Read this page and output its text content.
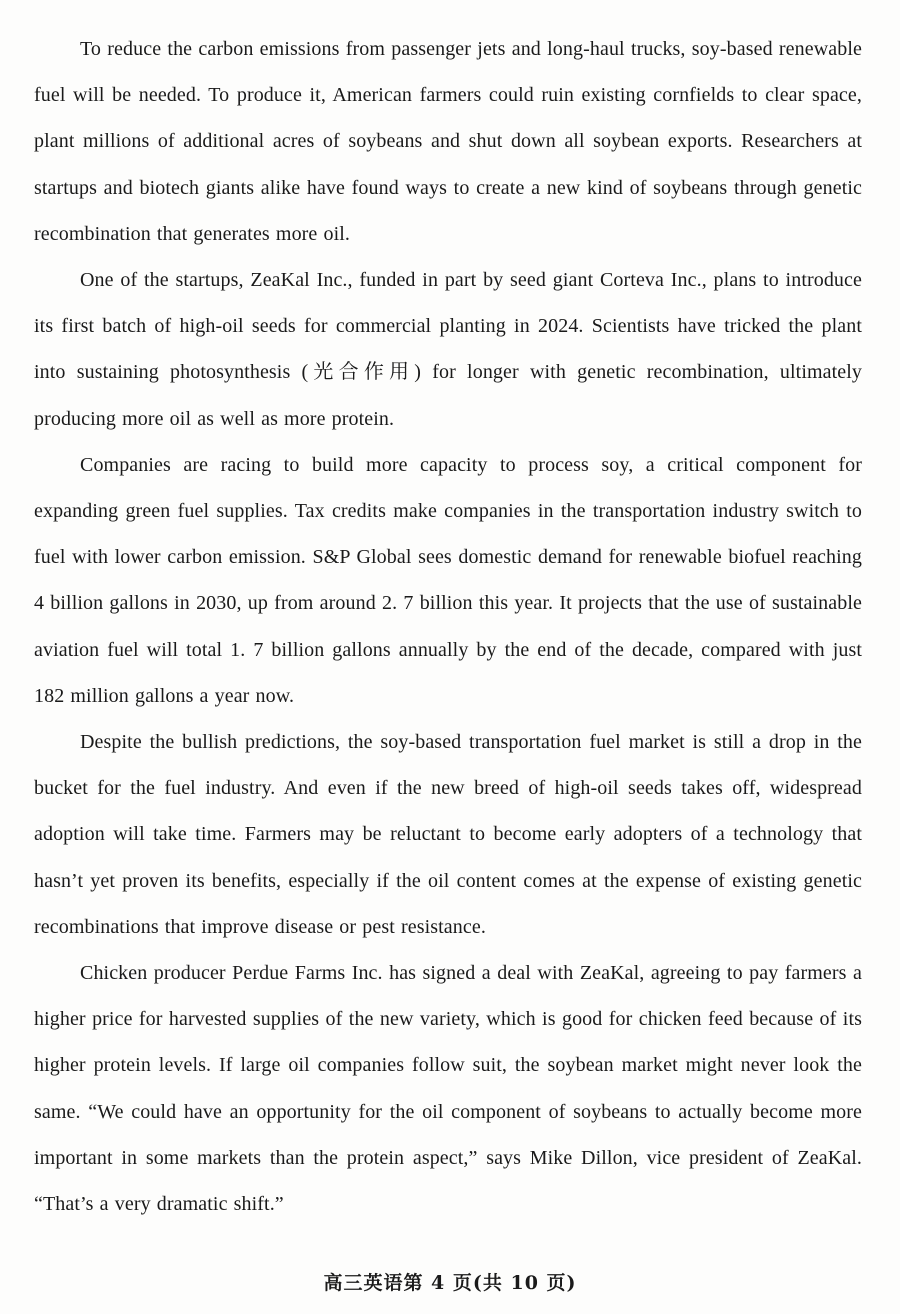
To reduce the carbon emissions from passenger jets and long-haul trucks, soy-based renewable fuel will be needed. To produce it, American farmers could ruin existing cornfields to clear space, plant millions of additional acres of soybeans and shut down all soybean exports. Researchers at startups and biotech giants alike have found ways to create a new kind of soybeans through genetic recombination that generates more oil.

One of the startups, ZeaKal Inc., funded in part by seed giant Corteva Inc., plans to introduce its first batch of high-oil seeds for commercial planting in 2024. Scientists have tricked the plant into sustaining photosynthesis (光合作用) for longer with genetic recombination, ultimately producing more oil as well as more protein.

Companies are racing to build more capacity to process soy, a critical component for expanding green fuel supplies. Tax credits make companies in the transportation industry switch to fuel with lower carbon emission. S&P Global sees domestic demand for renewable biofuel reaching 4 billion gallons in 2030, up from around 2. 7 billion this year. It projects that the use of sustainable aviation fuel will total 1. 7 billion gallons annually by the end of the decade, compared with just 182 million gallons a year now.

Despite the bullish predictions, the soy-based transportation fuel market is still a drop in the bucket for the fuel industry. And even if the new breed of high-oil seeds takes off, widespread adoption will take time. Farmers may be reluctant to become early adopters of a technology that hasn’t yet proven its benefits, especially if the oil content comes at the expense of existing genetic recombinations that improve disease or pest resistance.

Chicken producer Perdue Farms Inc. has signed a deal with ZeaKal, agreeing to pay farmers a higher price for harvested supplies of the new variety, which is good for chicken feed because of its higher protein levels. If large oil companies follow suit, the soybean market might never look the same. “We could have an opportunity for the oil component of soybeans to actually become more important in some markets than the protein aspect,” says Mike Dillon, vice president of ZeaKal. “That’s a very dramatic shift.”

高三英语第 4 页(共 10 页)
